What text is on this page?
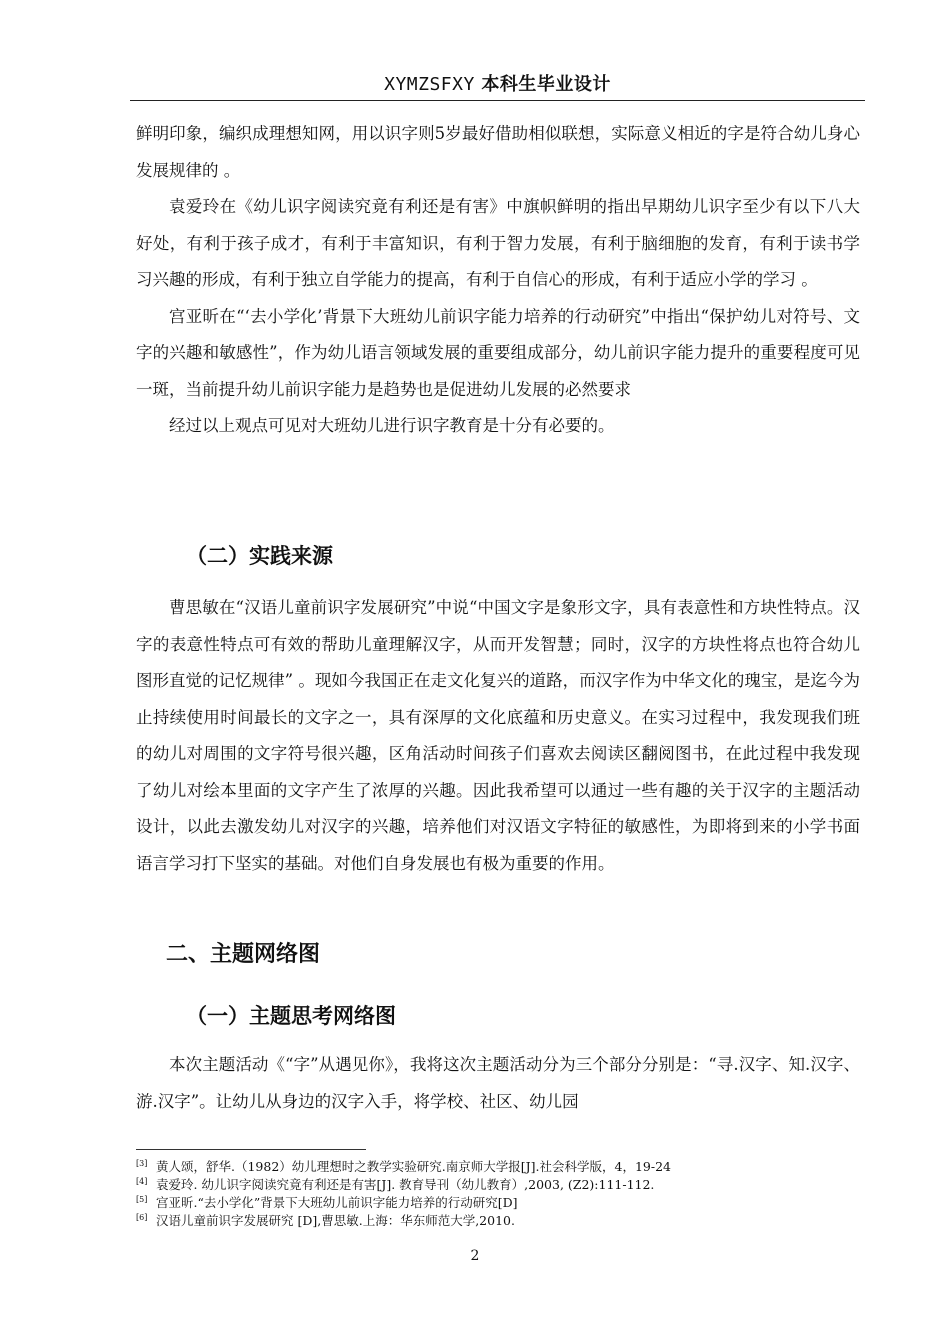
XYMZSFXY 本科生毕业设计

鲜明印象，编织成理想知网，用以识字则5岁最好借助相似联想，实际意义相近的字是符合幼儿身心发展规律的 。

袁爱玲在《幼儿识字阅读究竟有利还是有害》中旗帜鲜明的指出早期幼儿识字至少有以下八大好处，有利于孩子成才，有利于丰富知识，有利于智力发展，有利于脑细胞的发育，有利于读书学习兴趣的形成，有利于独立自学能力的提高，有利于自信心的形成，有利于适应小学的学习 。

宫亚昕在“‘去小学化’背景下大班幼儿前识字能力培养的行动研究”中指出“保护幼儿对符号、文字的兴趣和敏感性”，作为幼儿语言领域发展的重要组成部分，幼儿前识字能力提升的重要程度可见一斑，当前提升幼儿前识字能力是趋势也是促进幼儿发展的必然要求

经过以上观点可见对大班幼儿进行识字教育是十分有必要的。

（二）实践来源

曹思敏在“汉语儿童前识字发展研究”中说“中国文字是象形文字，具有表意性和方块性特点。汉字的表意性特点可有效的帮助儿童理解汉字，从而开发智慧；同时，汉字的方块性将点也符合幼儿图形直觉的记忆规律” 。现如今我国正在走文化复兴的道路，而汉字作为中华文化的瑰宝，是迄今为止持续使用时间最长的文字之一，具有深厚的文化底蕴和历史意义。在实习过程中，我发现我们班的幼儿对周围的文字符号很兴趣，区角活动时间孩子们喜欢去阅读区翻阅图书，在此过程中我发现了幼儿对绘本里面的文字产生了浓厚的兴趣。因此我希望可以通过一些有趣的关于汉字的主题活动设计，以此去激发幼儿对汉字的兴趣，培养他们对汉语文字特征的敏感性，为即将到来的小学书面语言学习打下坚实的基础。对他们自身发展也有极为重要的作用。

二、主题网络图
（一）主题思考网络图

本次主题活动《“字”从遇见你》，我将这次主题活动分为三个部分分别是：“寻.汉字、知.汉字、游.汉字”。让幼儿从身边的汉字入手，将学校、社区、幼儿园

[3] 黄人颂，舒华.（1982）幼儿理想时之教学实验研究.南京师大学报[J].社会科学版，4，19-24
[4] 袁爱玲. 幼儿识字阅读究竟有利还是有害[J]. 教育导刊（幼儿教育）,2003, (Z2):111-112.
[5] 宫亚昕.“去小学化”背景下大班幼儿前识字能力培养的行动研究[D]
[6] 汉语儿童前识字发展研究 [D],曹思敏.上海：华东师范大学,2010.
2
